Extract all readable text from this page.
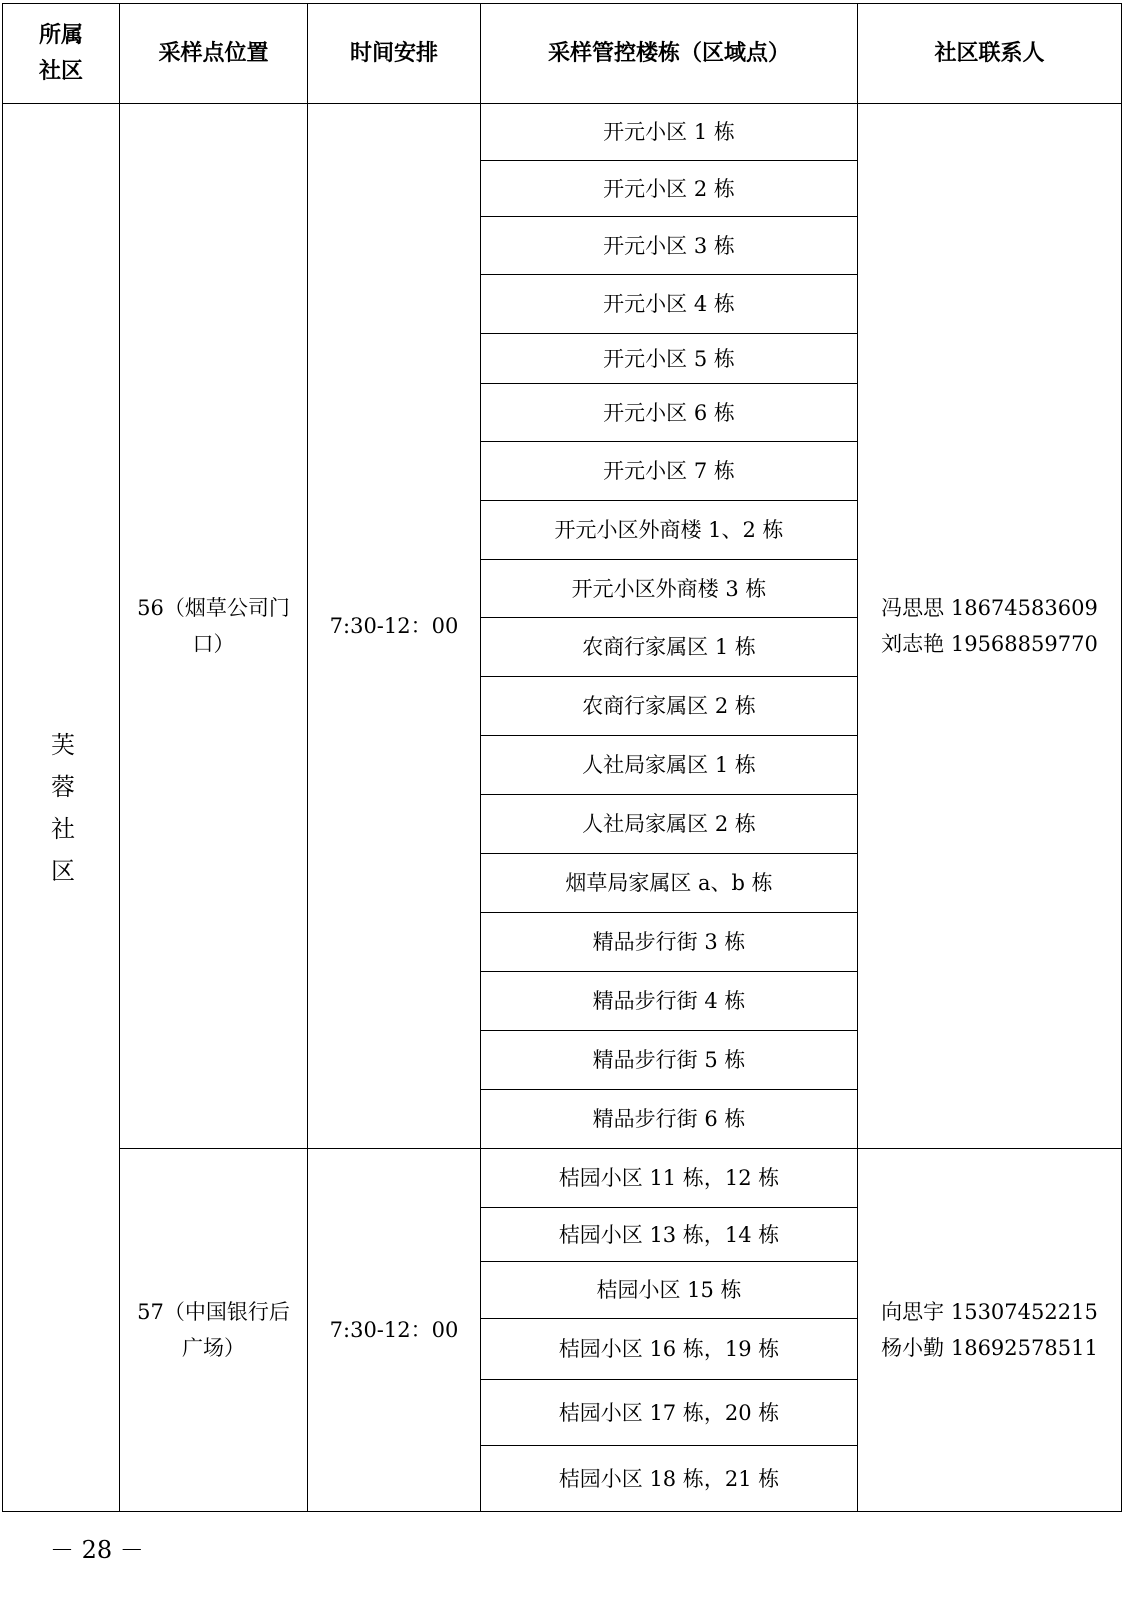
所属社区	采样点位置	时间安排	采样管控楼栋（区域点）	社区联系人

芙蓉社区	56（烟草公司门口）	7:30-12：00	开元小区 1 栋	冯思思 18674583609
刘志艳 19568859770

			开元小区 2 栋	
			开元小区 3 栋	
			开元小区 4 栋	
			开元小区 5 栋	
			开元小区 6 栋	
			开元小区 7 栋	
			开元小区外商楼 1、2 栋	
			开元小区外商楼 3 栋	
			农商行家属区 1 栋	
			农商行家属区 2 栋	
			人社局家属区 1 栋	
			人社局家属区 2 栋	
			烟草局家属区 a、b 栋	
			精品步行街 3 栋	
			精品步行街 4 栋	
			精品步行街 5 栋	
			精品步行街 6 栋	

	57（中国银行后广场）	7:30-12：00	桔园小区 11 栋，12 栋	向思宇 15307452215
杨小勤 18692578511

			桔园小区 13 栋，14 栋	
			桔园小区 15 栋	
			桔园小区 16 栋，19 栋	
			桔园小区 17 栋，20 栋	
			桔园小区 18 栋，21 栋	
－ 28 －
